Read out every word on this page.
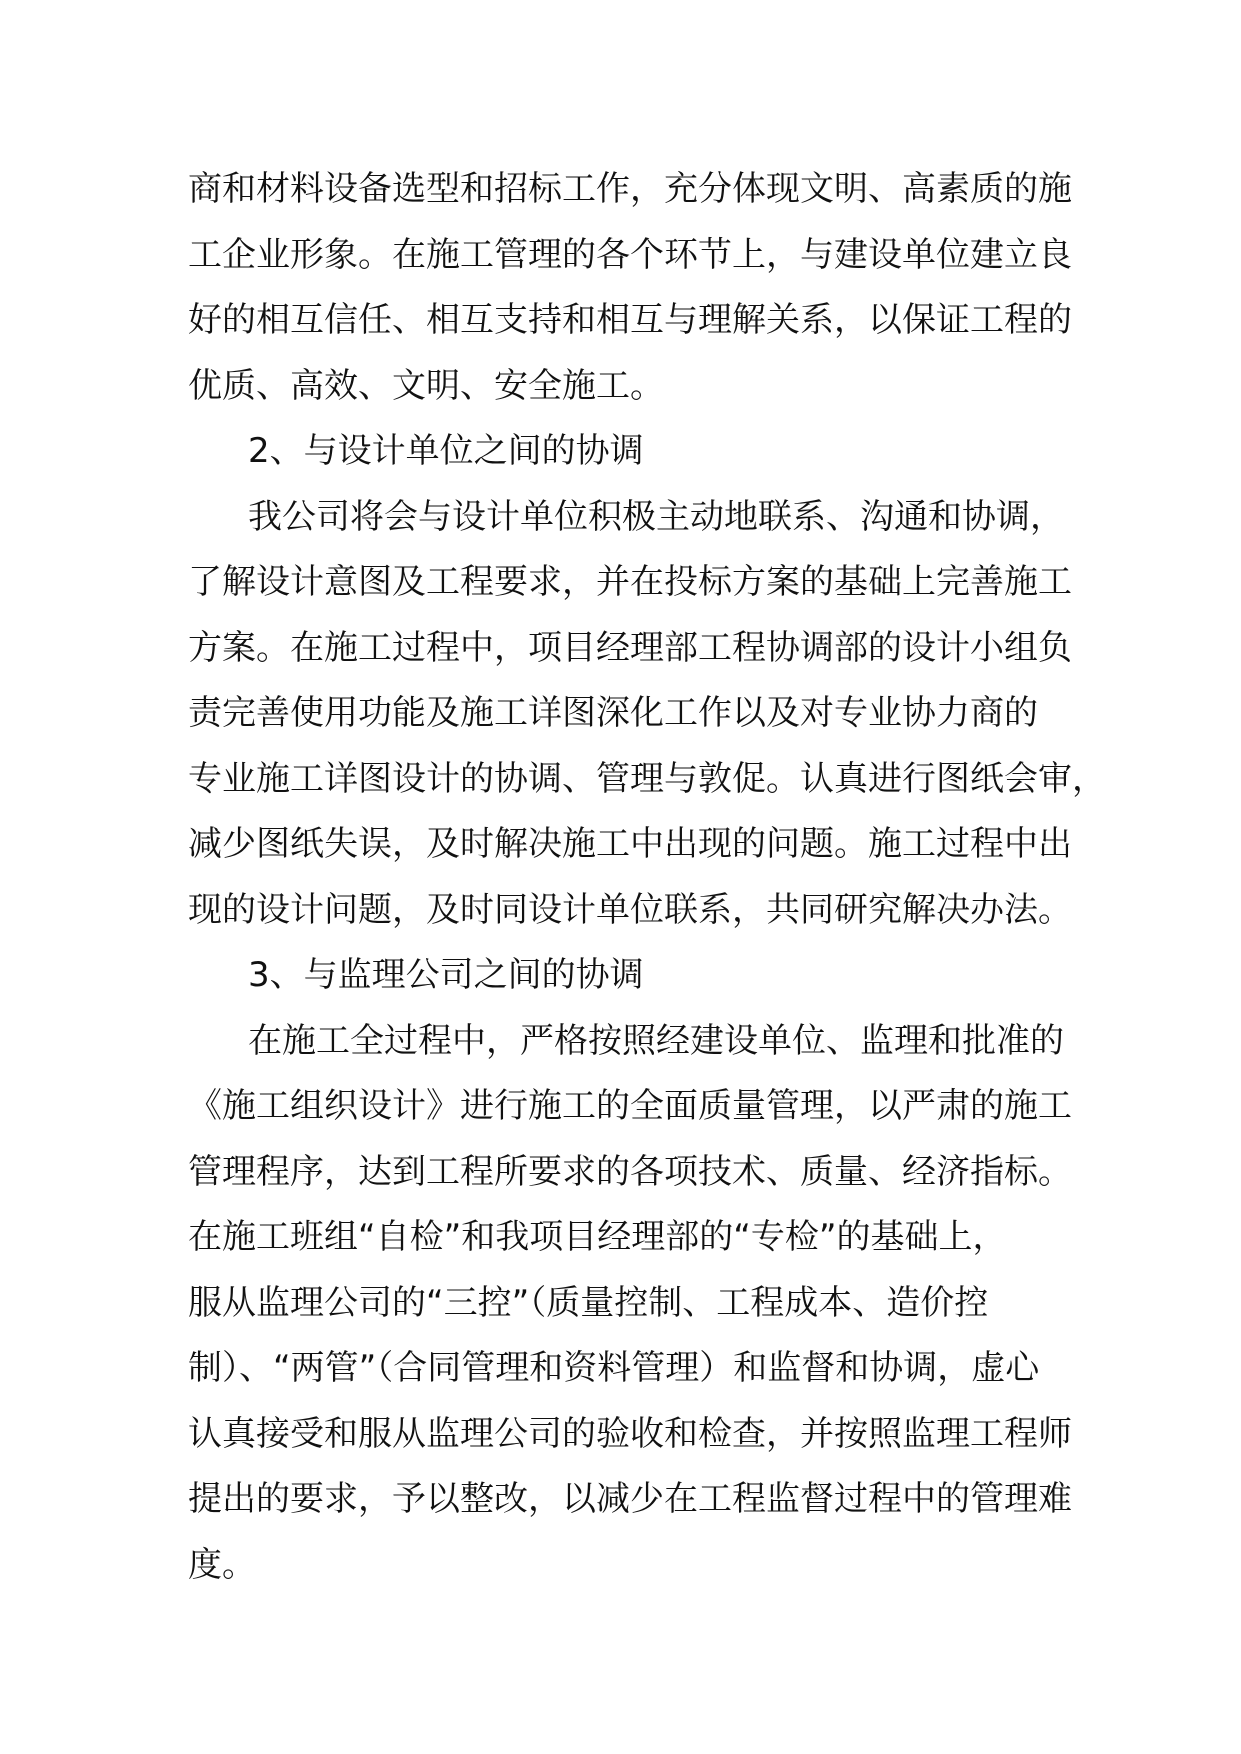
商和材料设备选型和招标工作，充分体现文明、高素质的施
工企业形象。在施工管理的各个环节上，与建设单位建立良
好的相互信任、相互支持和相互与理解关系，以保证工程的
优质、高效、文明、安全施工。
2、与设计单位之间的协调
我公司将会与设计单位积极主动地联系、沟通和协调，
了解设计意图及工程要求，并在投标方案的基础上完善施工
方案。在施工过程中，项目经理部工程协调部的设计小组负
责完善使用功能及施工详图深化工作以及对专业协力商的
专业施工详图设计的协调、管理与敦促。认真进行图纸会审，
减少图纸失误，及时解决施工中出现的问题。施工过程中出
现的设计问题，及时同设计单位联系，共同研究解决办法。
3、与监理公司之间的协调
在施工全过程中，严格按照经建设单位、监理和批准的
《施工组织设计》进行施工的全面质量管理，以严肃的施工
管理程序，达到工程所要求的各项技术、质量、经济指标。
在施工班组“自检”和我项目经理部的“专检”的基础上，
服从监理公司的“三控”（质量控制、工程成本、造价控
制）、“两管”（合同管理和资料管理）和监督和协调，虚心
认真接受和服从监理公司的验收和检查，并按照监理工程师
提出的要求，予以整改，以减少在工程监督过程中的管理难
度。
